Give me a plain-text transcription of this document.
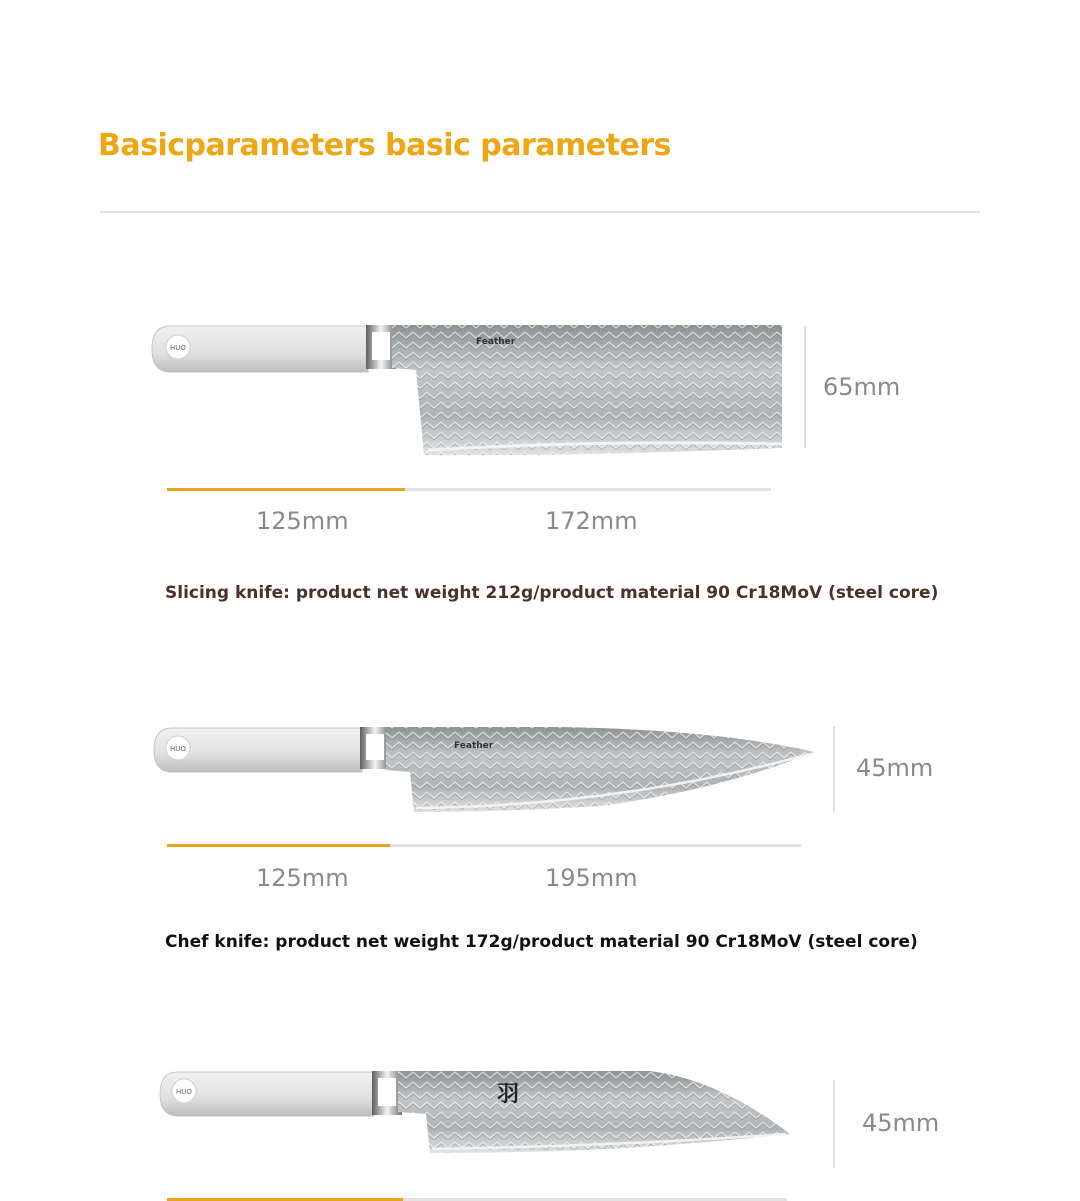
Basicparameters basic parameters
HUO
Feather
65mm
125mm	172mm
Slicing knife: product net weight 212g/product material 90 Cr18MoV (steel core)
HUO	Feather
45mm
125mm	195mm
Chef knife: product net weight 172g/product material 90 Cr18MoV (steel core)
HUO	羽
45mm
